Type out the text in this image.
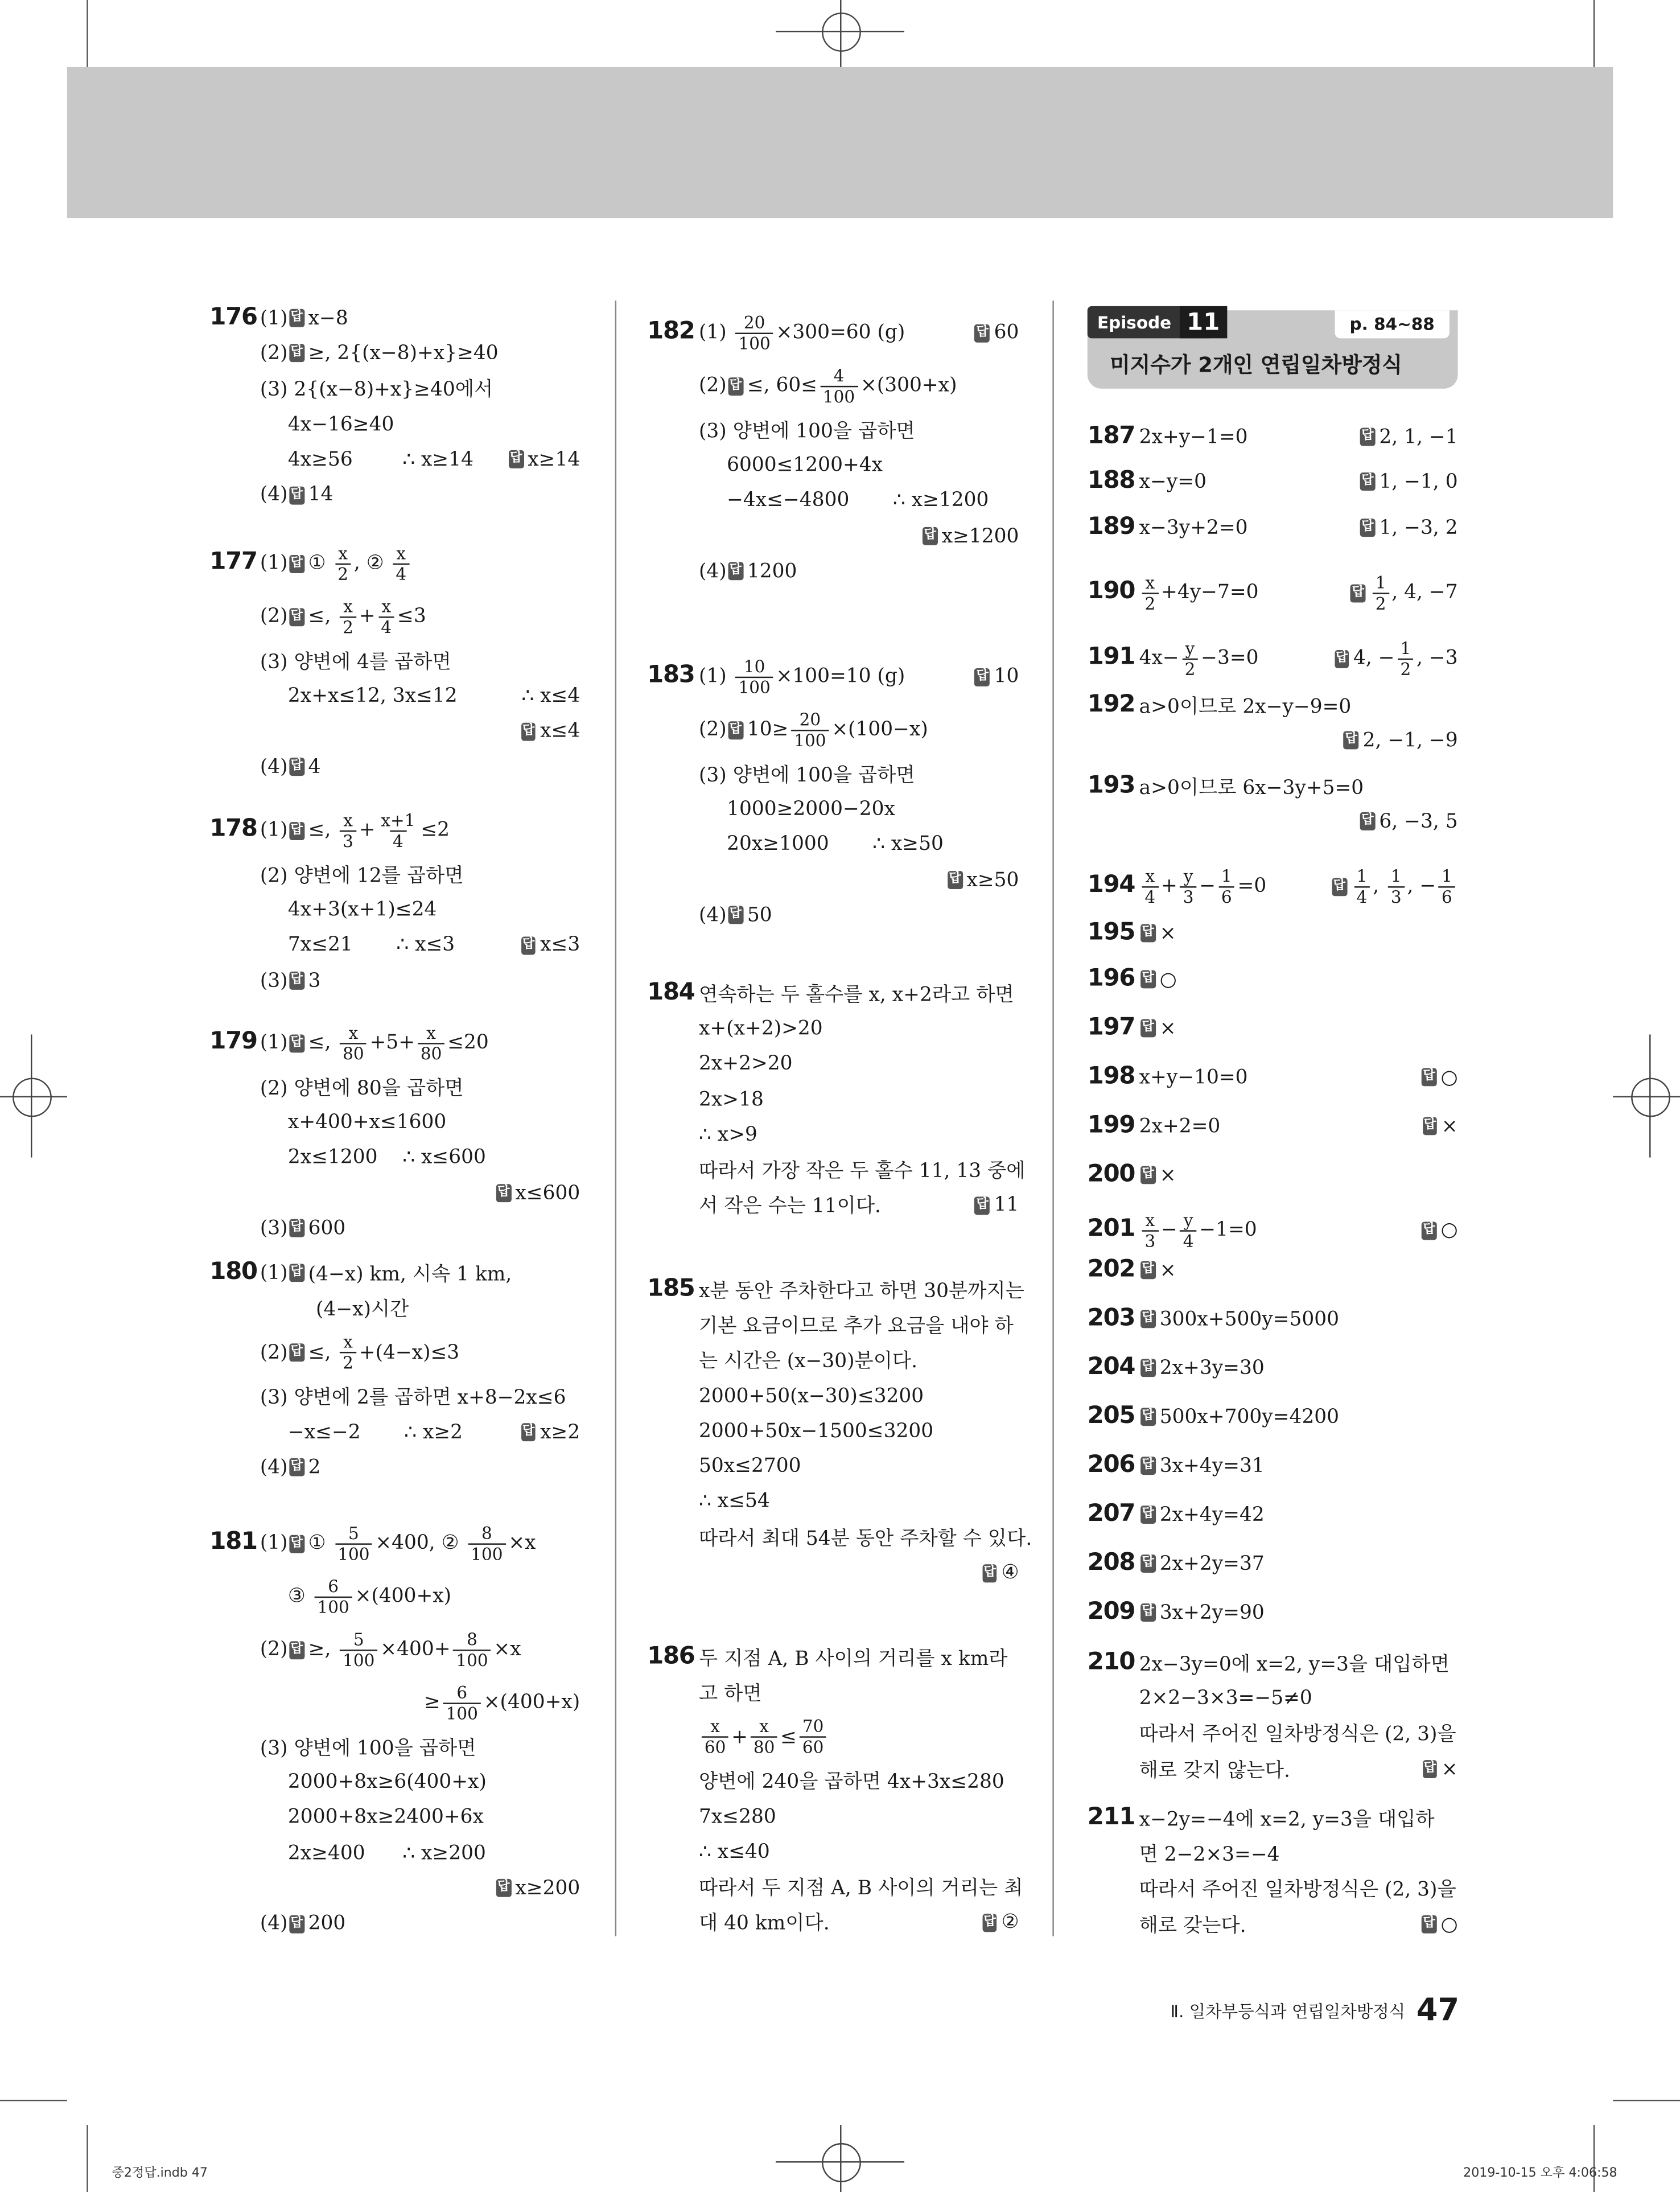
Episode	11	p. 84~88
미지수가 2개인 연립일차방정식
176 (1) 답 x−8
(2) 답 ≥, 2{(x−8)+x}≥40
(3) 2{(x−8)+x}≥40에서
4x−16≥40
4x≥56        ∴ x≥14	답 x≥14
(4) 답 14
177 (1) 답 ① $\frac{x}{2}$ , ② $\frac{x}{4}$
(2) 답 ≤, $\frac{x}{2} + \frac{x}{4} \le 3$
(3) 양변에 4를 곱하면
2x+x≤12, 3x≤12	∴ x≤4
답 x≤4
(4) 답 4
178 (1) 답 ≤, $\frac{x}{3} + \frac{x+1}{4} \le 2$
(2) 양변에 12를 곱하면
4x+3(x+1)≤24
7x≤21       ∴ x≤3	답 x≤3
(3) 답 3
179 (1) 답 ≤, $\frac{x}{80} +5+ \frac{x}{80} \le 20$
(2) 양변에 80을 곱하면
x+400+x≤1600
2x≤1200    ∴ x≤600
답 x≤600
(3) 답 600
180 (1) 답 (4−x) km, 시속 1 km,
(4−x)시간
(2) 답 ≤, $\frac{x}{2} +(4-x)\le 3$
(3) 양변에 2를 곱하면 x+8−2x≤6
−x≤−2       ∴ x≥2	답 x≥2
(4) 답 2
181 (1) 답 ① $\frac{5}{100} \times 400$, ② $\frac{8}{100} \times x$
③ $\frac{6}{100} \times(400+x)$
(2) 답 ≥, $\frac{5}{100} \times 400+ \frac{8}{100} \times x$
≥ $\frac{6}{100} \times(400+x)$
(3) 양변에 100을 곱하면
2000+8x≥6(400+x)
2000+8x≥2400+6x
2x≥400      ∴ x≥200
답 x≥200
(4) 답 200
182 $(1) \frac{20}{100} \times 300=60$ (g)	답 60
(2) 답 ≤, $60\le \frac{4}{100} \times(300+x)$
(3) 양변에 100을 곱하면
6000≤1200+4x
−4x≤−4800       ∴ x≥1200
답 x≥1200
(4) 답 1200
183 $(1) \frac{10}{100} \times 100=10$ (g)	답 10
(2) 답 $10\ge \frac{20}{100} \times(100-x)$
(3) 양변에 100을 곱하면
1000≥2000−20x
20x≥1000       ∴ x≥50
답 x≥50
(4) 답 50
184 연속하는 두 홀수를 x, x+2라고 하면
x+(x+2)>20
2x+2>20
2x>18
∴ x>9
따라서 가장 작은 두 홀수 11, 13 중에
서 작은 수는 11이다.	답 11
185 x분 동안 주차한다고 하면 30분까지는
기본 요금이므로 추가 요금을 내야 하
는 시간은 (x−30)분이다.
2000+50(x−30)≤3200
2000+50x−1500≤3200
50x≤2700
∴ x≤54
따라서 최대 54분 동안 주차할 수 있다.
답 ④
186 두 지점 A, B 사이의 거리를 x km라
고 하면
$\frac{x}{60} + \frac{x}{80} \le \frac{70}{60}$
양변에 240을 곱하면 4x+3x≤280
7x≤280
∴ x≤40
따라서 두 지점 A, B 사이의 거리는 최
대 40 km이다.	답 ②
187 2x+y−1=0	답 2, 1, −1
188 x−y=0	답 1, −1, 0
189 x−3y+2=0	답 1, −3, 2
$190 \frac{x}{2} +4y-7=0$	답 $\frac{1}{2}$ , 4, −7
191 $4x- \frac{y}{2} -3=0$	답 4, − $\frac{1}{2}$ , −3
192 a>0이므로 2x−y−9=0
답 2, −1, −9
193 a>0이므로 6x−3y+5=0
답 6, −3, 5
$194 \frac{x}{4} + \frac{y}{3} - \frac{1}{6} =0$	답 $\frac{1}{4}$ , $\frac{1}{3}$ , − $\frac{1}{6}$
195 답 ×
196 답 ○
197 답 ×
198 x+y−10=0	답 ○
199 2x+2=0	답 ×
200 답 ×
$201 \frac{x}{3} - \frac{y}{4} -1=0$	답 ○
202 답 ×
203 답 300x+500y=5000
204 답 2x+3y=30
205 답 500x+700y=4200
206 답 3x+4y=31
207 답 2x+4y=42
208 답 2x+2y=37
209 답 3x+2y=90
210 2x−3y=0에 x=2, y=3을 대입하면
2×2−3×3=−5≠0
따라서 주어진 일차방정식은 (2, 3)을
해로 갖지 않는다.	답 ×
211 x−2y=−4에 x=2, y=3을 대입하
면 2−2×3=−4
따라서 주어진 일차방정식은 (2, 3)을
해로 갖는다.	답 ○
Ⅱ. 일차부등식과 연립일차방정식 47
중2정답.indb 47	2019-10-15 오후 4:06:58
